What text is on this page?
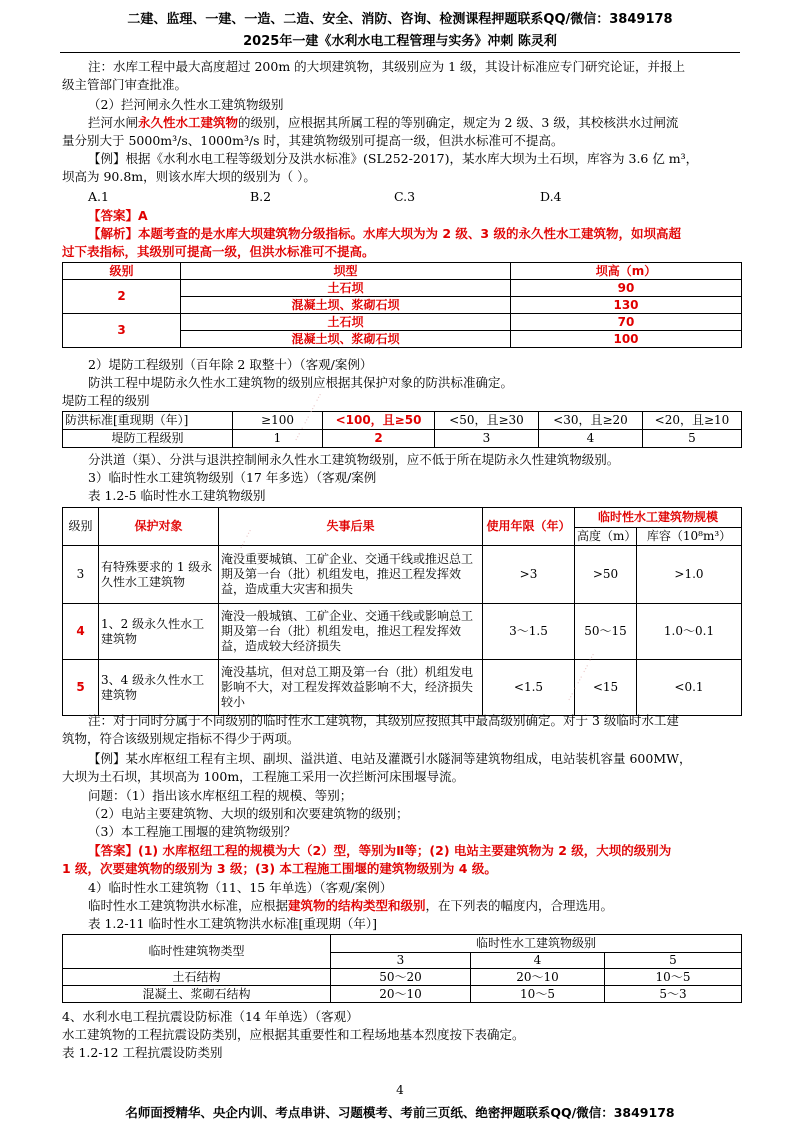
二建、监理、一建、一造、二造、安全、消防、咨询、检测课程押题联系QQ/微信：3849178
2025年一建《水利水电工程管理与实务》冲刺 陈灵利
注：水库工程中最大高度超过 200m 的大坝建筑物，其级别应为 1 级，其设计标准应专门研究论证，并报上
级主管部门审查批准。
（2）拦河闸永久性水工建筑物级别
拦河水闸永久性水工建筑物的级别，应根据其所属工程的等别确定，规定为 2 级、3 级，其校核洪水过闸流
量分别大于 5000m³/s、1000m³/s 时，其建筑物级别可提高一级，但洪水标准可不提高。
【例】根据《水利水电工程等级划分及洪水标准》(SL252-2017)，某水库大坝为土石坝，库容为 3.6 亿 m³，
坝高为 90.8m，则该水库大坝的级别为（ ）。
A.1	B.2	C.3	D.4
【答案】A
【解析】本题考查的是水库大坝建筑物分级指标。水库大坝为为 2 级、3 级的永久性水工建筑物，如坝高超
过下表指标，其级别可提高一级，但洪水标准可不提高。
级别	坝型	坝高（m）
2	土石坝	90
	混凝土坝、浆砌石坝	130
3	土石坝	70
	混凝土坝、浆砌石坝	100
2）堤防工程级别（百年除 2 取整十）（客观/案例）
防洪工程中堤防永久性水工建筑物的级别应根据其保护对象的防洪标准确定。
堤防工程的级别
防洪标准[重现期（年）]	≥100	<100，且≥50	<50，且≥30	<30，且≥20	<20，且≥10
堤防工程级别	1	2	3	4	5
分洪道（渠）、分洪与退洪控制闸永久性水工建筑物级别，应不低于所在堤防永久性建筑物级别。
3）临时性水工建筑物级别（17 年多选）（客观/案例
表 1.2-5 临时性水工建筑物级别
级别	保护对象	失事后果	使用年限（年）	临时性水工建筑物规模	
				高度（m）	库容（10⁸m³）
3	有特殊要求的 1 级永久性水工建筑物	淹没重要城镇、工矿企业、交通干线或推迟总工期及第一台（批）机组发电，推迟工程发挥效益，造成重大灾害和损失	>3	>50	>1.0
4	1、2 级永久性水工建筑物	淹没一般城镇、工矿企业、交通干线或影响总工期及第一台（批）机组发电，推迟工程发挥效益，造成较大经济损失	3～1.5	50～15	1.0～0.1
5	3、4 级永久性水工建筑物	淹没基坑，但对总工期及第一台（批）机组发电影响不大，对工程发挥效益影响不大，经济损失较小	<1.5	<15	<0.1
注：对于同时分属于不同级别的临时性水工建筑物，其级别应按照其中最高级别确定。对于 3 级临时水工建
筑物，符合该级别规定指标不得少于两项。
【例】某水库枢纽工程有主坝、副坝、溢洪道、电站及灌溉引水隧洞等建筑物组成，电站装机容量 600MW，
大坝为土石坝，其坝高为 100m，工程施工采用一次拦断河床围堰导流。
问题：（1）指出该水库枢纽工程的规模、等别；
（2）电站主要建筑物、大坝的级别和次要建筑物的级别；
（3）本工程施工围堰的建筑物级别？
【答案】(1) 水库枢纽工程的规模为大（2）型，等别为Ⅱ等；(2) 电站主要建筑物为 2 级，大坝的级别为
1 级，次要建筑物的级别为 3 级；(3) 本工程施工围堰的建筑物级别为 4 级。
4）临时性水工建筑物（11、15 年单选）（客观/案例）
临时性水工建筑物洪水标准，应根据建筑物的结构类型和级别，在下列表的幅度内，合理选用。
表 1.2-11 临时性水工建筑物洪水标准[重现期（年）]
临时性建筑物类型	临时性水工建筑物级别		
	3	4	5
土石结构	50～20	20～10	10～5
混凝土、浆砌石结构	20～10	10～5	5～3
4、水利水电工程抗震设防标准（14 年单选）（客观）
水工建筑物的工程抗震设防类别，应根据其重要性和工程场地基本烈度按下表确定。
表 1.2-12 工程抗震设防类别
··· · ··· ··· ···
··· · ··· ··· ···
··· · ··· ··· ···
4
名师面授精华、央企内训、考点串讲、习题模考、考前三页纸、绝密押题联系QQ/微信：3849178
